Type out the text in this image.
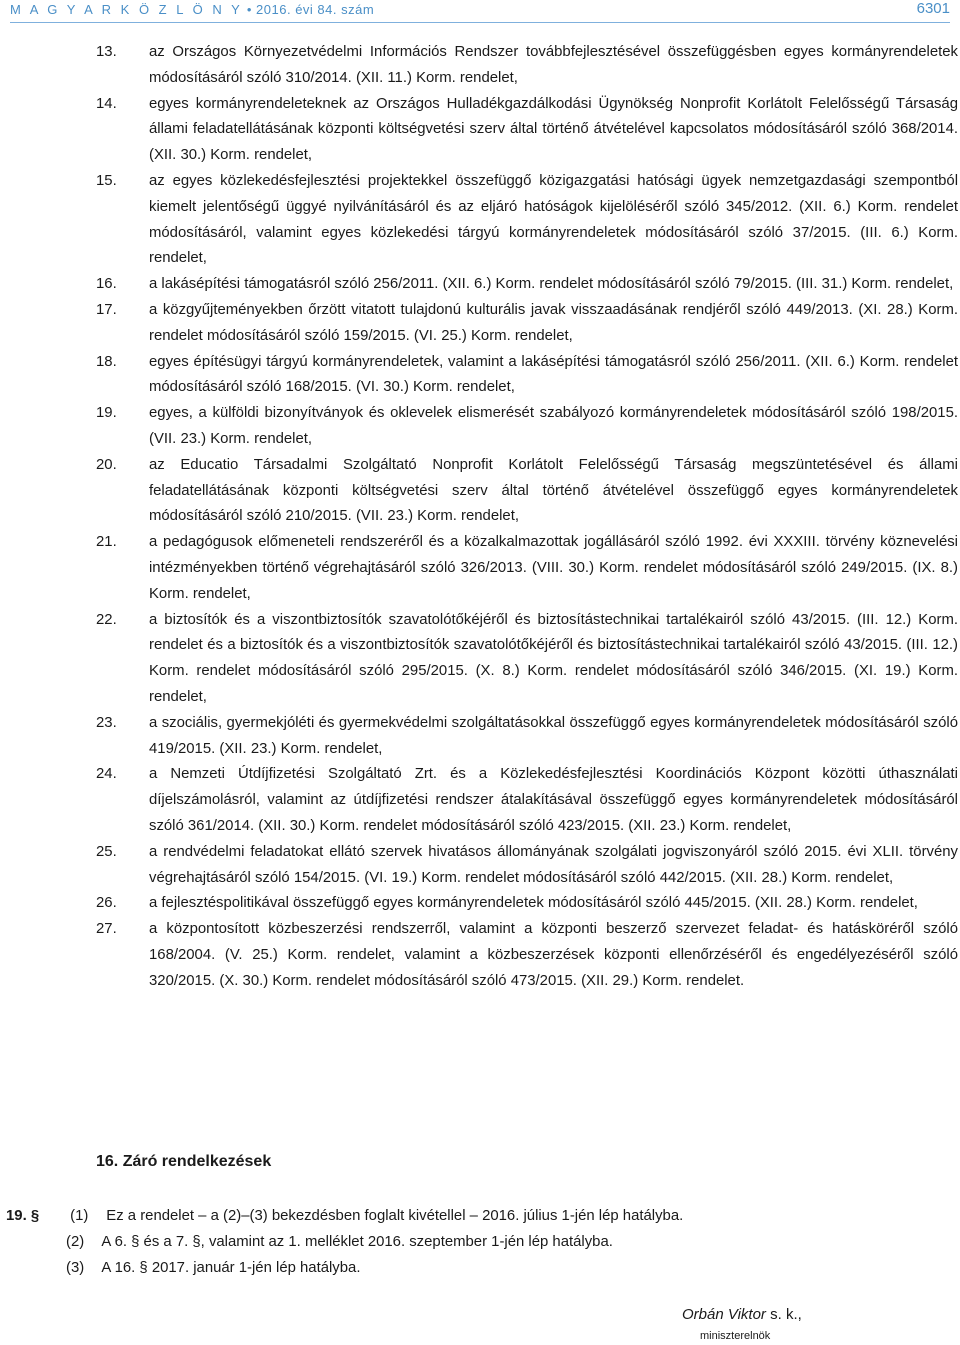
M A G Y A R K Ö Z L Ö N Y • 2016. évi 84. szám	6301

13. az Országos Környezetvédelmi Információs Rendszer továbbfejlesztésével összefüggésben egyes kormányrendeletek módosításáról szóló 310/2014. (XII. 11.) Korm. rendelet,

14. egyes kormányrendeleteknek az Országos Hulladékgazdálkodási Ügynökség Nonprofit Korlátolt Felelősségű Társaság állami feladatellátásának központi költségvetési szerv által történő átvételével kapcsolatos módosításáról szóló 368/2014. (XII. 30.) Korm. rendelet,

15. az egyes közlekedésfejlesztési projektekkel összefüggő közigazgatási hatósági ügyek nemzetgazdasági szempontból kiemelt jelentőségű üggyé nyilvánításáról és az eljáró hatóságok kijelöléséről szóló 345/2012. (XII. 6.) Korm. rendelet módosításáról, valamint egyes közlekedési tárgyú kormányrendeletek módosításáról szóló 37/2015. (III. 6.) Korm. rendelet,

16. a lakásépítési támogatásról szóló 256/2011. (XII. 6.) Korm. rendelet módosításáról szóló 79/2015. (III. 31.) Korm. rendelet,

17. a közgyűjteményekben őrzött vitatott tulajdonú kulturális javak visszaadásának rendjéről szóló 449/2013. (XI. 28.) Korm. rendelet módosításáról szóló 159/2015. (VI. 25.) Korm. rendelet,

18. egyes építésügyi tárgyú kormányrendeletek, valamint a lakásépítési támogatásról szóló 256/2011. (XII. 6.) Korm. rendelet módosításáról szóló 168/2015. (VI. 30.) Korm. rendelet,

19. egyes, a külföldi bizonyítványok és oklevelek elismerését szabályozó kormányrendeletek módosításáról szóló 198/2015. (VII. 23.) Korm. rendelet,

20. az Educatio Társadalmi Szolgáltató Nonprofit Korlátolt Felelősségű Társaság megszüntetésével és állami feladatellátásának központi költségvetési szerv által történő átvételével összefüggő egyes kormányrendeletek módosításáról szóló 210/2015. (VII. 23.) Korm. rendelet,

21. a pedagógusok előmeneteli rendszeréről és a közalkalmazottak jogállásáról szóló 1992. évi XXXIII. törvény köznevelési intézményekben történő végrehajtásáról szóló 326/2013. (VIII. 30.) Korm. rendelet módosításáról szóló 249/2015. (IX. 8.) Korm. rendelet,

22. a biztosítók és a viszontbiztosítók szavatolótőkéjéről és biztosítástechnikai tartalékairól szóló 43/2015. (III. 12.) Korm. rendelet és a biztosítók és a viszontbiztosítók szavatolótőkéjéről és biztosítástechnikai tartalékairól szóló 43/2015. (III. 12.) Korm. rendelet módosításáról szóló 295/2015. (X. 8.) Korm. rendelet módosításáról szóló 346/2015. (XI. 19.) Korm. rendelet,

23. a szociális, gyermekjóléti és gyermekvédelmi szolgáltatásokkal összefüggő egyes kormányrendeletek módosításáról szóló 419/2015. (XII. 23.) Korm. rendelet,

24. a Nemzeti Útdíjfizetési Szolgáltató Zrt. és a Közlekedésfejlesztési Koordinációs Központ közötti úthasználati díjelszámolásról, valamint az útdíjfizetési rendszer átalakításával összefüggő egyes kormányrendeletek módosításáról szóló 361/2014. (XII. 30.) Korm. rendelet módosításáról szóló 423/2015. (XII. 23.) Korm. rendelet,

25. a rendvédelmi feladatokat ellátó szervek hivatásos állományának szolgálati jogviszonyáról szóló 2015. évi XLII. törvény végrehajtásáról szóló 154/2015. (VI. 19.) Korm. rendelet módosításáról szóló 442/2015. (XII. 28.) Korm. rendelet,

26. a fejlesztéspolitikával összefüggő egyes kormányrendeletek módosításáról szóló 445/2015. (XII. 28.) Korm. rendelet,

27. a központosított közbeszerzési rendszerről, valamint a központi beszerző szervezet feladat- és hatásköréről szóló 168/2004. (V. 25.) Korm. rendelet, valamint a közbeszerzések központi ellenőrzéséről és engedélyezéséről szóló 320/2015. (X. 30.) Korm. rendelet módosításáról szóló 473/2015. (XII. 29.) Korm. rendelet.

16. Záró rendelkezések
19. § (1) Ez a rendelet – a (2)–(3) bekezdésben foglalt kivétellel – 2016. július 1-jén lép hatályba.
(2) A 6. § és a 7. §, valamint az 1. melléklet 2016. szeptember 1-jén lép hatályba.
(3) A 16. § 2017. január 1-jén lép hatályba.
Orbán Viktor s. k.,
miniszterelnök
